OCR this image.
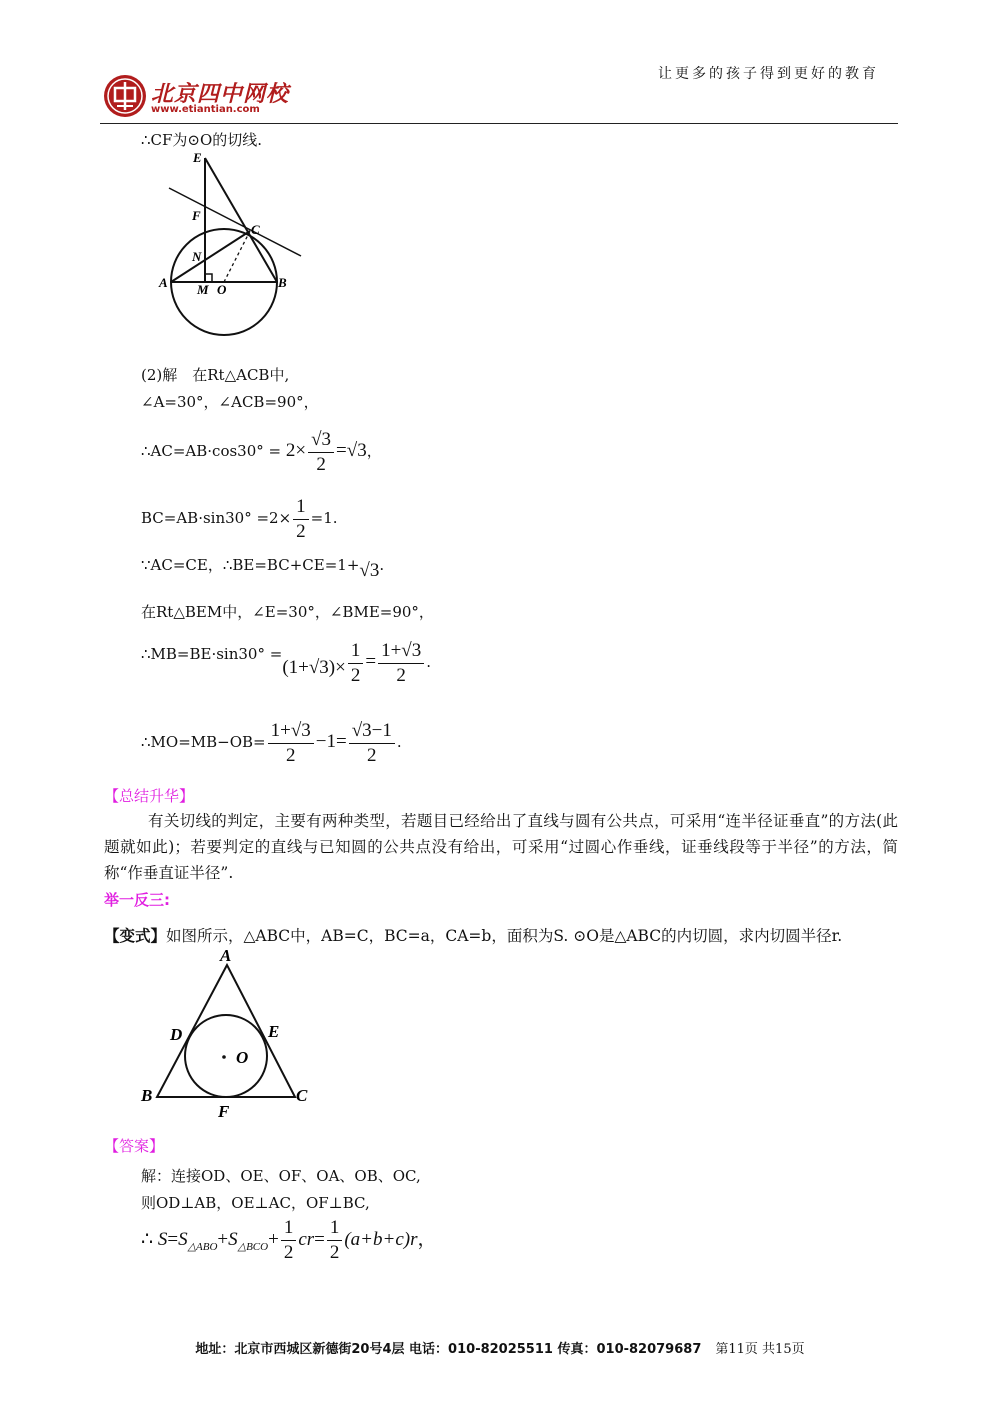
北京四中网校
www.etiantian.com
让更多的孩子得到更好的教育
∴CF为⊙O的切线.
E
F
C
N
A M O	B
(2)解　在Rt△ACB中,
∠A=30°，∠ACB=90°，
∴AC=AB·cos30° = $2\times \frac{√3}{2} =√3$，
$BC=AB\cdot\sin 30^\circ =2\times \frac{1}{2} =1$.
∵AC=CE，∴BE=BC+CE=1+√3.
在Rt△BEM中，∠E=30°，∠BME=90°，
∴MB=BE·sin30° $=(1+√3)\times \frac{1}{2} = \frac{1+√3}{2}$ .
∴MO=MB−OB= $\frac{1+√3}{2} -1= \frac{√3-1}{2}$ .
【总结升华】
有关切线的判定，主要有两种类型，若题目已经给出了直线与圆有公共点，可采用“连半径证垂直”的方法(此题就如此)；若要判定的直线与已知圆的公共点没有给出，可采用“过圆心作垂线，证垂线段等于半径”的方法，简称“作垂直证半径”.
举一反三:
【变式】如图所示，△ABC中，AB=C，BC=a，CA=b，面积为S. ⊙O是△ABC的内切圆，求内切圆半径r.
A
D	E
O
B	C
F
【答案】
解：连接OD、OE、OF、OA、OB、OC,
则OD⊥AB，OE⊥AC，OF⊥BC,
∴ $S=S_{\triangle ABO}+S_{\triangle BCO}+ \frac{1}{2} cr= \frac{1}{2} (a+b+c)r$，
地址：北京市西城区新德街20号4层 电话：010-82025511 传真：010-82079687 第11页 共15页
